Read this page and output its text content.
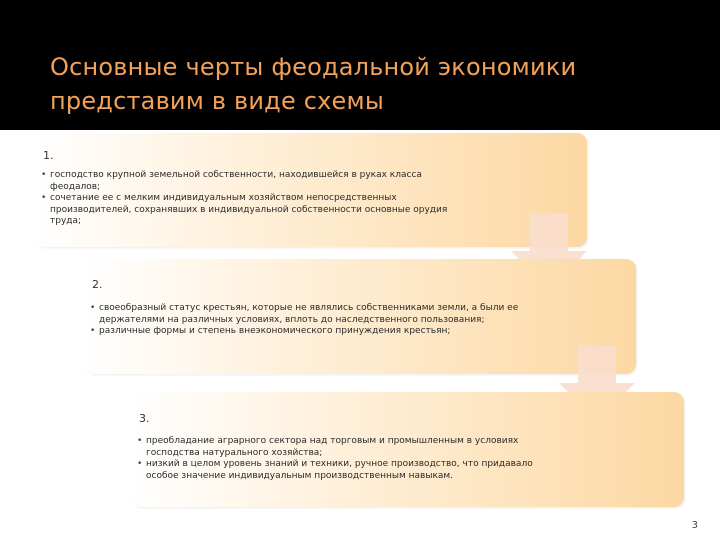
Основные черты феодальной экономики представим в виде схемы
1.
• господство крупной земельной собственности, находившейся в руках класса феодалов;
• сочетание ее с мелким индивидуальным хозяйством непосредственных производителей, сохранявших в индивидуальной собственности основные орудия труда;
2.
• своеобразный статус крестьян, которые не являлись собственниками земли, а были ее держателями на различных условиях, вплоть до наследственного пользования;
• различные формы и степень внеэкономического принуждения крестьян;
3.
• преобладание аграрного сектора над торговым и промышленным в условиях господства натурального хозяйства;
• низкий в целом уровень знаний и техники, ручное производство, что придавало особое значение индивидуальным производственным навыкам.
3
